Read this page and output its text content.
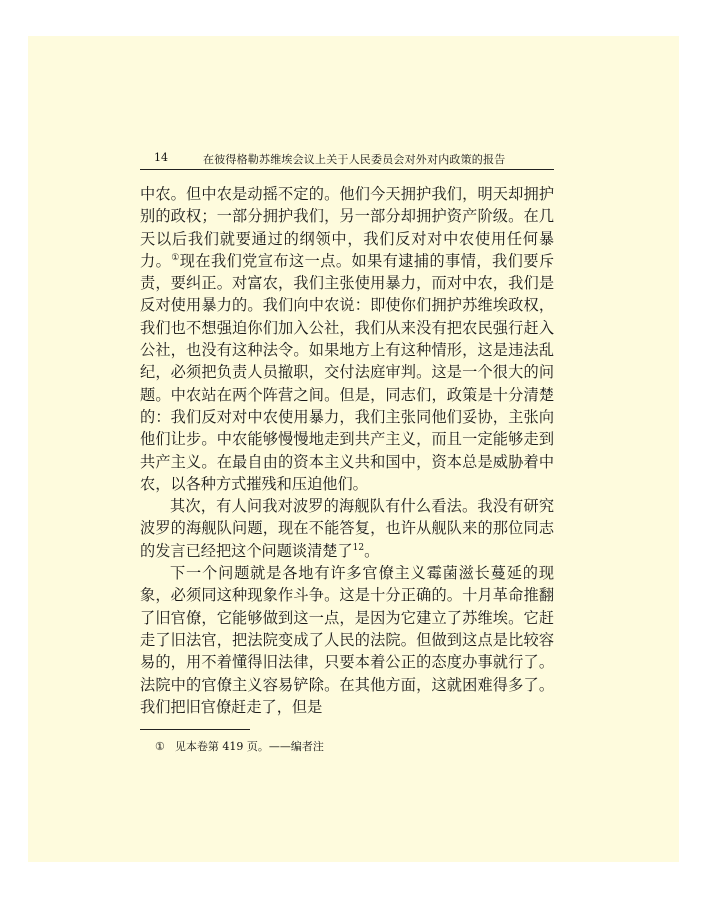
14	在彼得格勒苏维埃会议上关于人民委员会对外对内政策的报告

中农。但中农是动摇不定的。他们今天拥护我们，明天却拥护别的政权；一部分拥护我们，另一部分却拥护资产阶级。在几天以后我们就要通过的纲领中，我们反对对中农使用任何暴力。①现在我们党宣布这一点。如果有逮捕的事情，我们要斥责，要纠正。对富农，我们主张使用暴力，而对中农，我们是反对使用暴力的。我们向中农说：即使你们拥护苏维埃政权，我们也不想强迫你们加入公社，我们从来没有把农民强行赶入公社，也没有这种法令。如果地方上有这种情形，这是违法乱纪，必须把负责人员撤职，交付法庭审判。这是一个很大的问题。中农站在两个阵营之间。但是，同志们，政策是十分清楚的：我们反对对中农使用暴力，我们主张同他们妥协，主张向他们让步。中农能够慢慢地走到共产主义，而且一定能够走到共产主义。在最自由的资本主义共和国中，资本总是威胁着中农，以各种方式摧残和压迫他们。

其次，有人问我对波罗的海舰队有什么看法。我没有研究波罗的海舰队问题，现在不能答复，也许从舰队来的那位同志的发言已经把这个问题谈清楚了$^{12}$。

下一个问题就是各地有许多官僚主义霉菌滋长蔓延的现象，必须同这种现象作斗争。这是十分正确的。十月革命推翻了旧官僚，它能够做到这一点，是因为它建立了苏维埃。它赶走了旧法官，把法院变成了人民的法院。但做到这点是比较容易的，用不着懂得旧法律，只要本着公正的态度办事就行了。法院中的官僚主义容易铲除。在其他方面，这就困难得多了。我们把旧官僚赶走了，但是

① 见本卷第 419 页。——编者注
